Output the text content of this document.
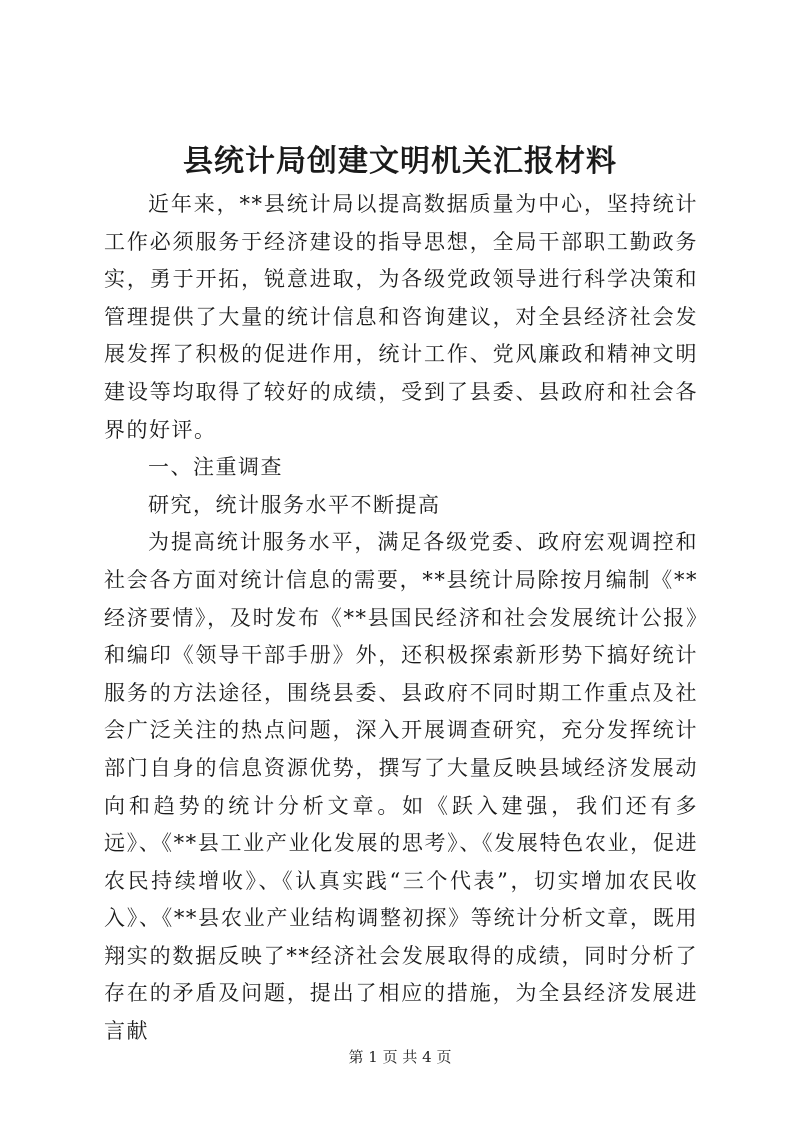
县统计局创建文明机关汇报材料

近年来，**县统计局以提高数据质量为中心，坚持统计工作必须服务于经济建设的指导思想，全局干部职工勤政务实，勇于开拓，锐意进取，为各级党政领导进行科学决策和管理提供了大量的统计信息和咨询建议，对全县经济社会发展发挥了积极的促进作用，统计工作、党风廉政和精神文明建设等均取得了较好的成绩，受到了县委、县政府和社会各界的好评。

一、注重调查

研究，统计服务水平不断提高

为提高统计服务水平，满足各级党委、政府宏观调控和社会各方面对统计信息的需要，**县统计局除按月编制《**经济要情》，及时发布《**县国民经济和社会发展统计公报》和编印《领导干部手册》外，还积极探索新形势下搞好统计服务的方法途径，围绕县委、县政府不同时期工作重点及社会广泛关注的热点问题，深入开展调查研究，充分发挥统计部门自身的信息资源优势，撰写了大量反映县域经济发展动向和趋势的统计分析文章。如《跃入建强，我们还有多远》、《**县工业产业化发展的思考》、《发展特色农业，促进农民持续增收》、《认真实践“三个代表”，切实增加农民收入》、《**县农业产业结构调整初探》等统计分析文章，既用翔实的数据反映了**经济社会发展取得的成绩，同时分析了存在的矛盾及问题，提出了相应的措施，为全县经济发展进言献

第 1 页 共 4 页
